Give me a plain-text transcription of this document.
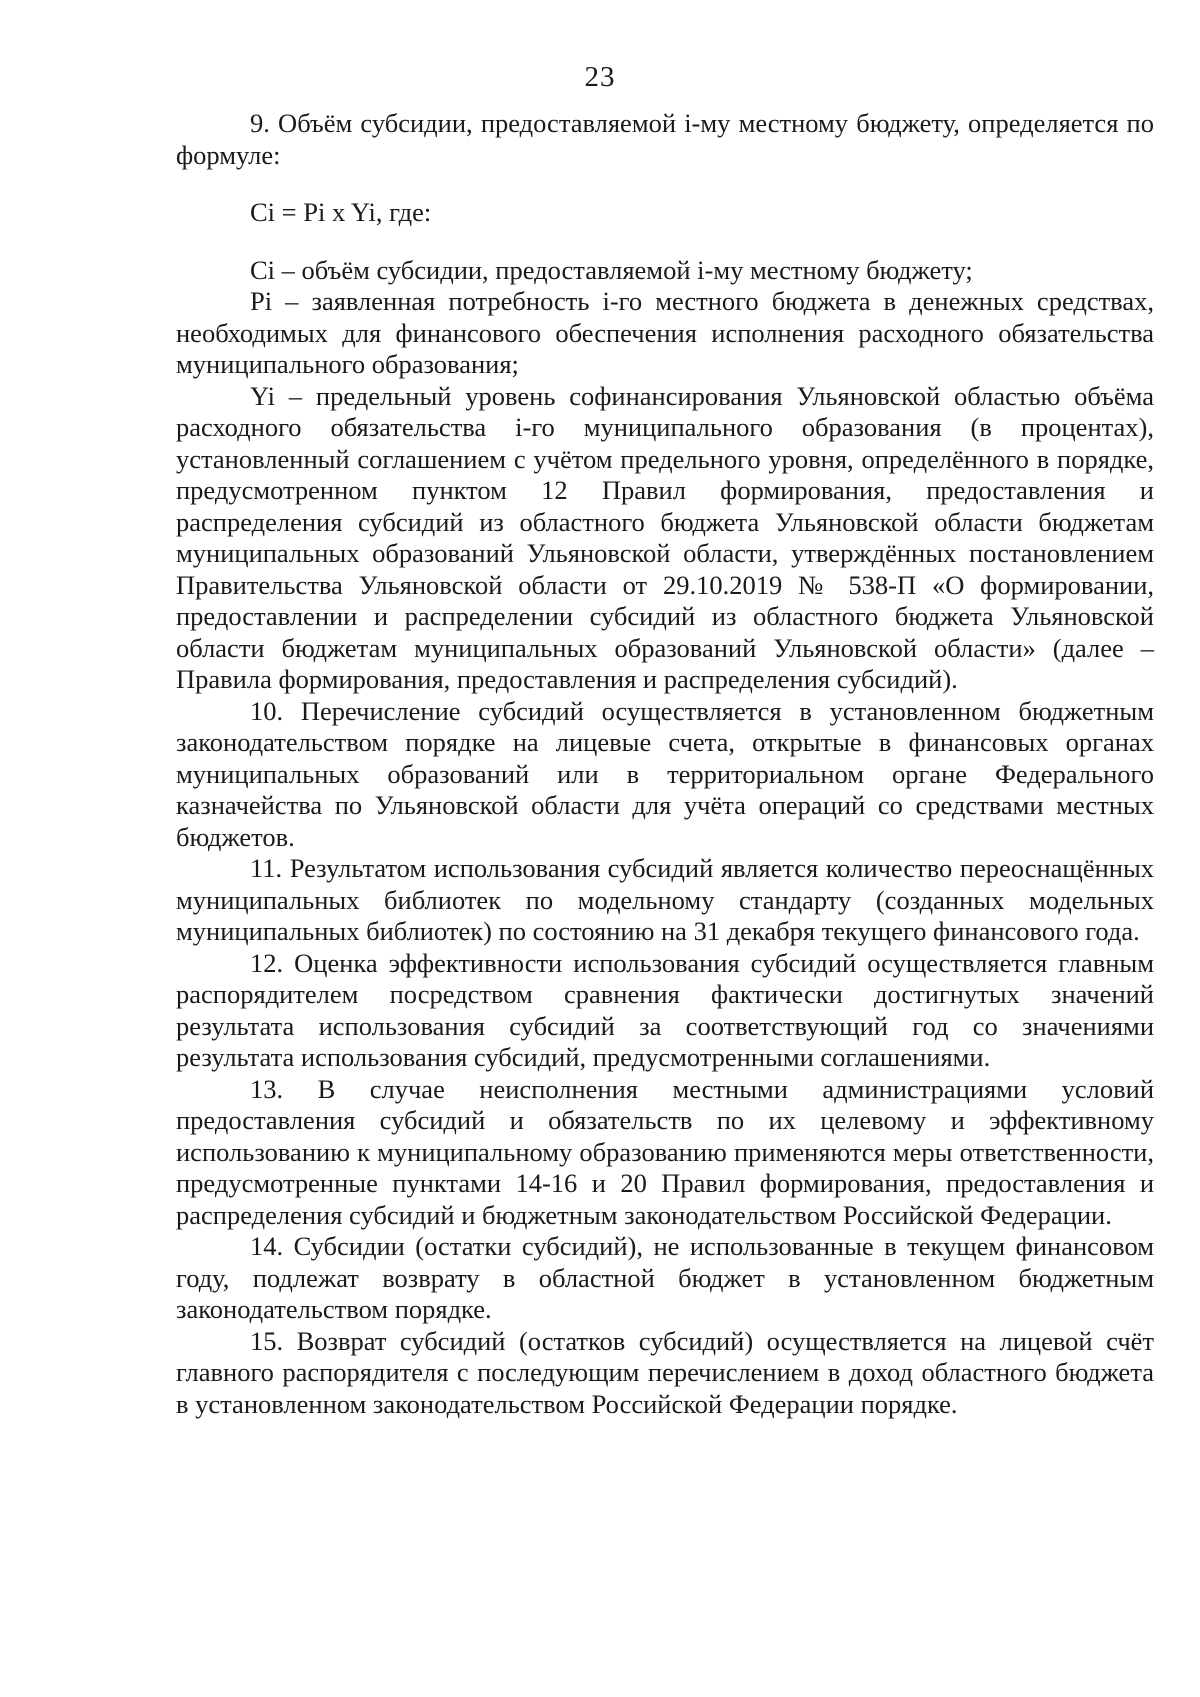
23

9. Объём субсидии, предоставляемой i-му местному бюджету, определяется по формуле:

Ci = Pi x Yi, где:

Ci – объём субсидии, предоставляемой i-му местному бюджету;

Pi – заявленная потребность i-го местного бюджета в денежных средствах, необходимых для финансового обеспечения исполнения расходного обязательства муниципального образования;

Yi – предельный уровень софинансирования Ульяновской областью объёма расходного обязательства i-го муниципального образования (в процентах), установленный соглашением с учётом предельного уровня, определённого в порядке, предусмотренном пунктом 12 Правил формирования, предоставления и распределения субсидий из областного бюджета Ульяновской области бюджетам муниципальных образований Ульяновской области, утверждённых постановлением Правительства Ульяновской области от 29.10.2019 № 538-П «О формировании, предоставлении и распределении субсидий из областного бюджета Ульяновской области бюджетам муниципальных образований Ульяновской области» (далее – Правила формирования, предоставления и распределения субсидий).

10. Перечисление субсидий осуществляется в установленном бюджетным законодательством порядке на лицевые счета, открытые в финансовых органах муниципальных образований или в территориальном органе Федерального казначейства по Ульяновской области для учёта операций со средствами местных бюджетов.

11. Результатом использования субсидий является количество переоснащённых муниципальных библиотек по модельному стандарту (созданных модельных муниципальных библиотек) по состоянию на 31 декабря текущего финансового года.

12. Оценка эффективности использования субсидий осуществляется главным распорядителем посредством сравнения фактически достигнутых значений результата использования субсидий за соответствующий год со значениями результата использования субсидий, предусмотренными соглашениями.

13. В случае неисполнения местными администрациями условий предоставления субсидий и обязательств по их целевому и эффективному использованию к муниципальному образованию применяются меры ответственности, предусмотренные пунктами 14-16 и 20 Правил формирования, предоставления и распределения субсидий и бюджетным законодательством Российской Федерации.

14. Субсидии (остатки субсидий), не использованные в текущем финансовом году, подлежат возврату в областной бюджет в установленном бюджетным законодательством порядке.

15. Возврат субсидий (остатков субсидий) осуществляется на лицевой счёт главного распорядителя с последующим перечислением в доход областного бюджета в установленном законодательством Российской Федерации порядке.
